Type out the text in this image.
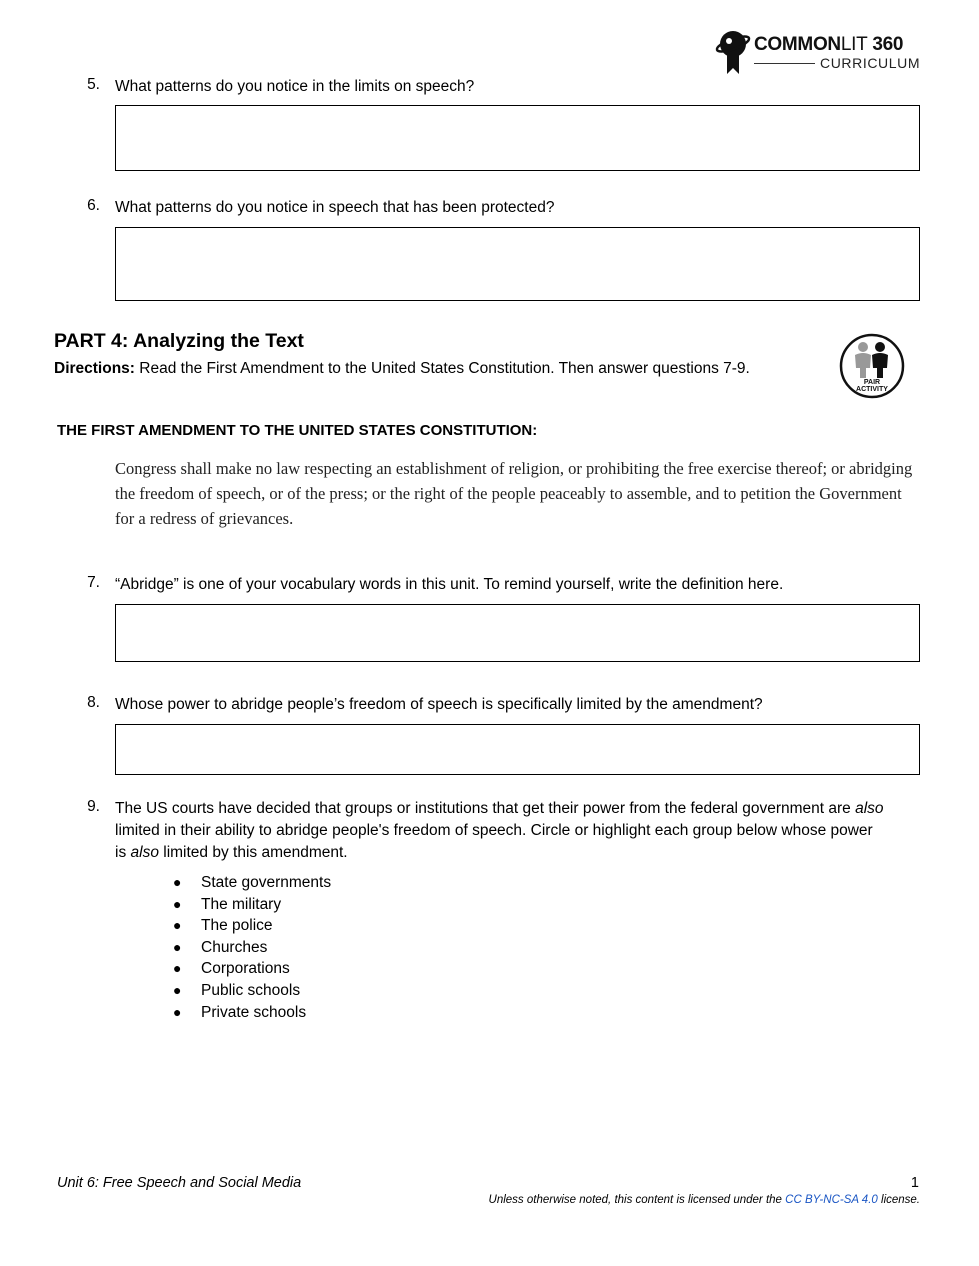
COMMONLIT 360
CURRICULUM
5. What patterns do you notice in the limits on speech?
6. What patterns do you notice in speech that has been protected?
PART 4: Analyzing the Text
Directions: Read the First Amendment to the United States Constitution. Then answer questions 7-9.
PAIR
ACTIVITY
THE FIRST AMENDMENT TO THE UNITED STATES CONSTITUTION:
Congress shall make no law respecting an establishment of religion, or prohibiting the free exercise thereof; or abridging
the freedom of speech, or of the press; or the right of the people peaceably to assemble, and to petition the Government
for a redress of grievances.
7. “Abridge” is one of your vocabulary words in this unit. To remind yourself, write the definition here.
8. Whose power to abridge people’s freedom of speech is specifically limited by the amendment?
9. The US courts have decided that groups or institutions that get their power from the federal government are also
limited in their ability to abridge people's freedom of speech. Circle or highlight each group below whose power
is also limited by this amendment.
● State governments
● The military
● The police
● Churches
● Corporations
● Public schools
● Private schools
Unit 6: Free Speech and Social Media	1
Unless otherwise noted, this content is licensed under the CC BY-NC-SA 4.0 license.
